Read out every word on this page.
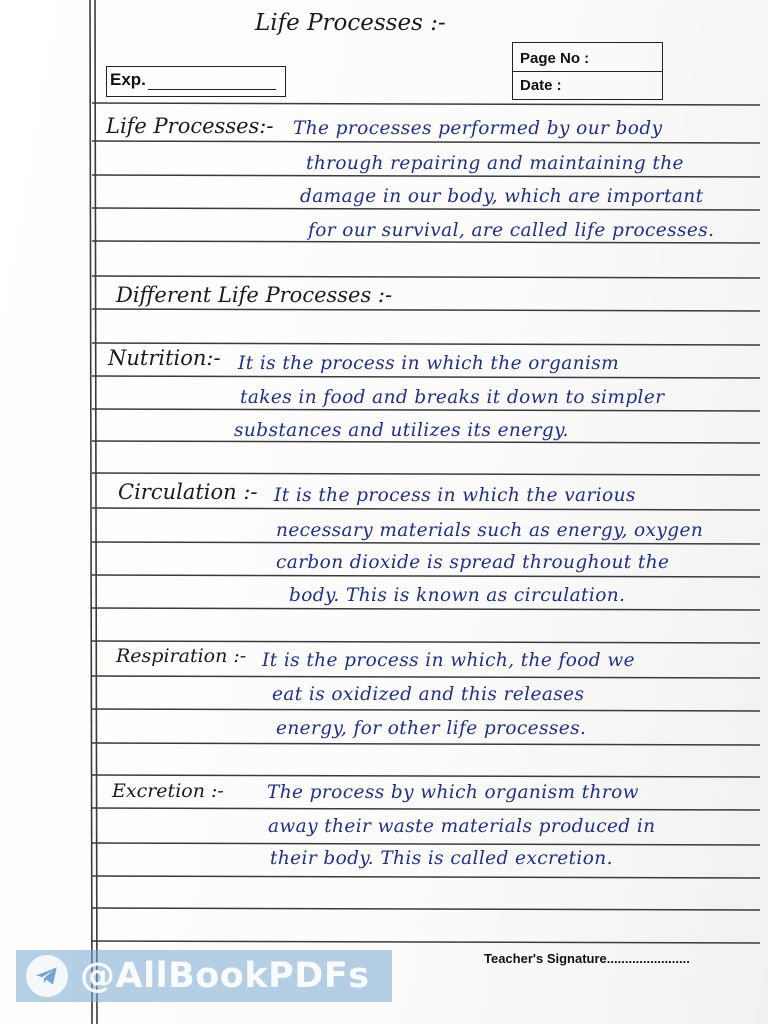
Life Processes :-
Exp.
Page No :
Date :
Life Processes:- The processes performed by our body
through repairing and maintaining the
damage in our body, which are important
for our survival, are called life processes.
Different Life Processes :-
Nutrition:- It is the process in which the organism
takes in food and breaks it down to simpler
substances and utilizes its energy.
Circulation :- It is the process in which the various
necessary materials such as energy, oxygen
carbon dioxide is spread throughout the
body. This is known as circulation.
Respiration :- It is the process in which, the food we
eat is oxidized and this releases
energy, for other life processes.
Excretion :- The process by which organism throw
away their waste materials produced in
their body. This is called excretion.
Teacher's Signature.......................
@AllBookPDFs
